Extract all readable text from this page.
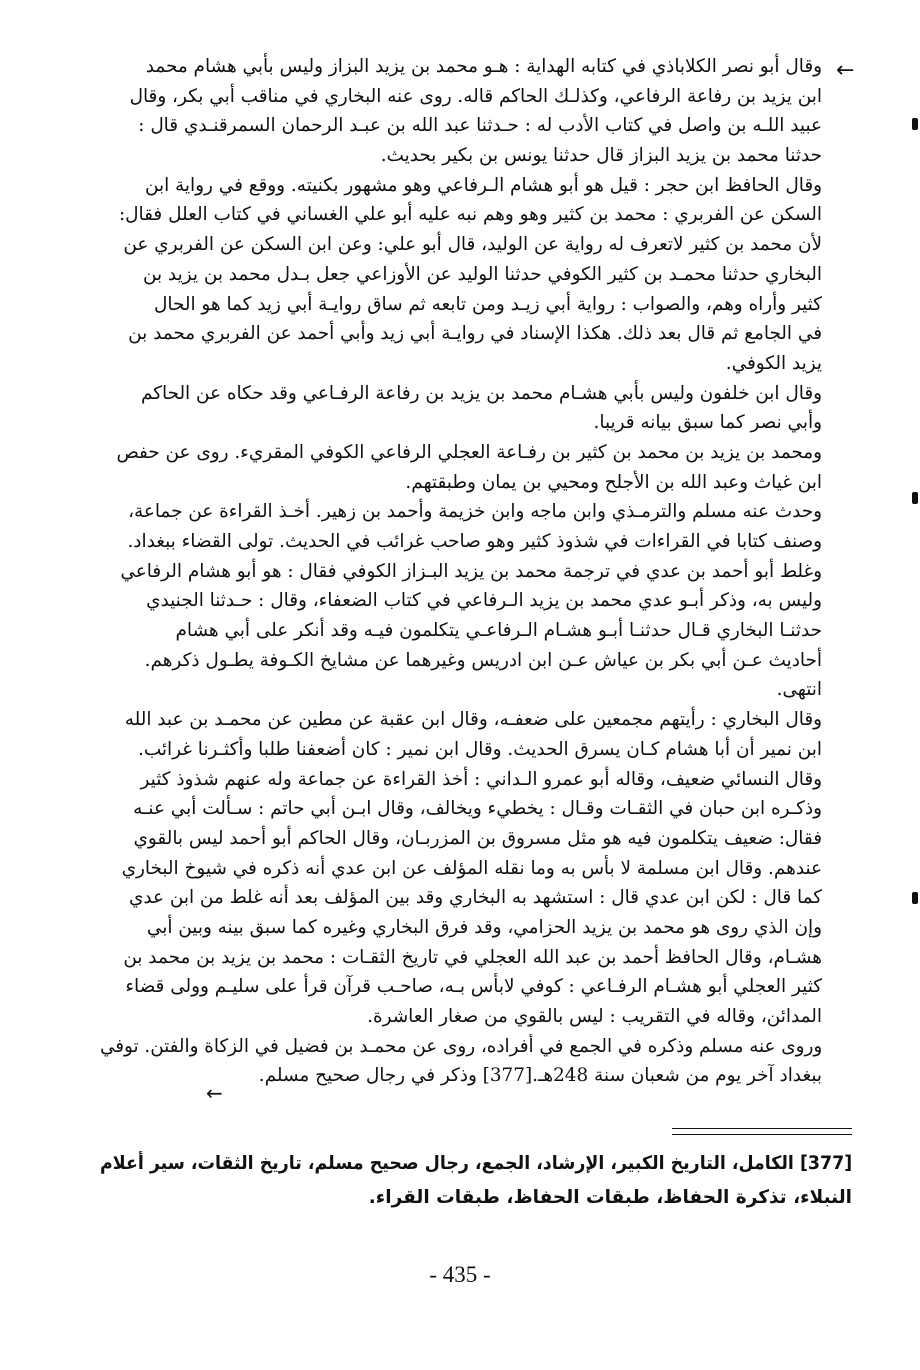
←
وقال أبو نصر الكلاباذي في كتابه الهداية : هـو محمد بن يزيد البزاز وليس بأبي هشام محمد
ابن يزيد بن رفاعة الرفاعي، وكذلـك الحاكم قاله. روى عنه البخاري في مناقب أبي بكر، وقال
عبيد اللـه بن واصل في كتاب الأدب له : حـدثنا عبد الله بن عبـد الرحمان السمرقنـدي قال :
حدثنا محمد بن يزيد البزاز قال حدثنا يونس بن بكير بحديث.
وقال الحافظ ابن حجر : قيل هو أبو هشام الـرفاعي وهو مشهور بكنيته. ووقع في رواية ابن
السكن عن الفربري : محمد بن كثير وهو وهم نبه عليه أبو علي الغساني في كتاب العلل فقال:
لأن محمد بن كثير لاتعرف له رواية عن الوليد، قال أبو علي: وعن ابن السكن عن الفربري عن
البخاري حدثنا محمـد بن كثير الكوفي حدثنا الوليد عن الأوزاعي جعل بـدل محمد بن يزيد بن
كثير وأراه وهم، والصواب : رواية أبي زيـد ومن تابعه ثم ساق روايـة أبي زيد كما هو الحال
في الجامع ثم قال بعد ذلك. هكذا الإسناد في روايـة أبي زيد وأبي أحمد عن الفربري محمد بن
يزيد الكوفي.
وقال ابن خلفون وليس بأبي هشـام محمد بن يزيد بن رفاعة الرفـاعي وقد حكاه عن الحاكم
وأبي نصر كما سبق بيانه قريبا.
ومحمد بن يزيد بن محمد بن كثير بن رفـاعة العجلي الرفاعي الكوفي المقريء. روى عن حفص
ابن غياث وعبد الله بن الأجلح ومحيي بن يمان وطبقتهم.
وحدث عنه مسلم والترمـذي وابن ماجه وابن خزيمة وأحمد بن زهير. أخـذ القراءة عن جماعة،
وصنف كتابا في القراءات في شذوذ كثير وهو صاحب غرائب في الحديث. تولى القضاء ببغداد.
وغلط أبو أحمد بن عدي في ترجمة محمد بن يزيد البـزاز الكوفي فقال : هو أبو هشام الرفاعي
وليس به، وذكر أبـو عدي محمد بن يزيد الـرفاعي في كتاب الضعفاء، وقال : حـدثنا الجنيدي
حدثنـا البخاري قـال حدثنـا أبـو هشـام الـرفاعـي يتكلمون فيـه وقد أنكر على أبي هشام
أحاديث عـن أبي بكر بن عياش عـن ابن ادريس وغيرهما عن مشايخ الكـوفة يطـول ذكرهم.
انتهى.
وقال البخاري : رأيتهم مجمعين على ضعفـه، وقال ابن عقبة عن مطين عن محمـد بن عبد الله
ابن نمير أن أبا هشام كـان يسرق الحديث. وقال ابن نمير : كان أضعفنا طلبا وأكثـرنا غرائب.
وقال النسائي ضعيف، وقاله أبو عمرو الـداني : أخذ القراءة عن جماعة وله عنهم شذوذ كثير
وذكـره ابن حبان في الثقـات وقـال : يخطيء ويخالف، وقال ابـن أبي حاتم : سـألت أبي عنـه
فقال: ضعيف يتكلمون فيه هو مثل مسروق بن المزربـان، وقال الحاكم أبو أحمد ليس بالقوي
عندهم. وقال ابن مسلمة لا بأس به وما نقله المؤلف عن ابن عدي أنه ذكره في شيوخ البخاري
كما قال : لكن ابن عدي قال : استشهد به البخاري وقد بين المؤلف بعد أنه غلط من ابن عدي
وإن الذي روى هو محمد بن يزيد الحزامي، وقد فرق البخاري وغيره كما سبق بينه وبين أبي
هشـام، وقال الحافظ أحمد بن عبد الله العجلي في تاريخ الثقـات : محمد بن يزيد بن محمد بن
كثير العجلي أبو هشـام الرفـاعي : كوفي لابأس بـه، صاحـب قرآن قرأ على سليـم وولى قضاء
المدائن، وقاله في التقريب : ليس بالقوي من صغار العاشرة.
وروى عنه مسلم وذكره في الجمع في أفراده، روى عن محمـد بن فضيل في الزكاة والفتن. توفي
ببغداد آخر يوم من شعبان سنة 248هـ.[377] وذكر في رجال صحيح مسلم.
←
[377] الكامل، التاريخ الكبير، الإرشاد، الجمع، رجال صحيح مسلم، تاريخ الثقات، سير أعلام
النبلاء، تذكرة الحفاظ، طبقات الحفاظ، طبقات القراء.
- 435 -
